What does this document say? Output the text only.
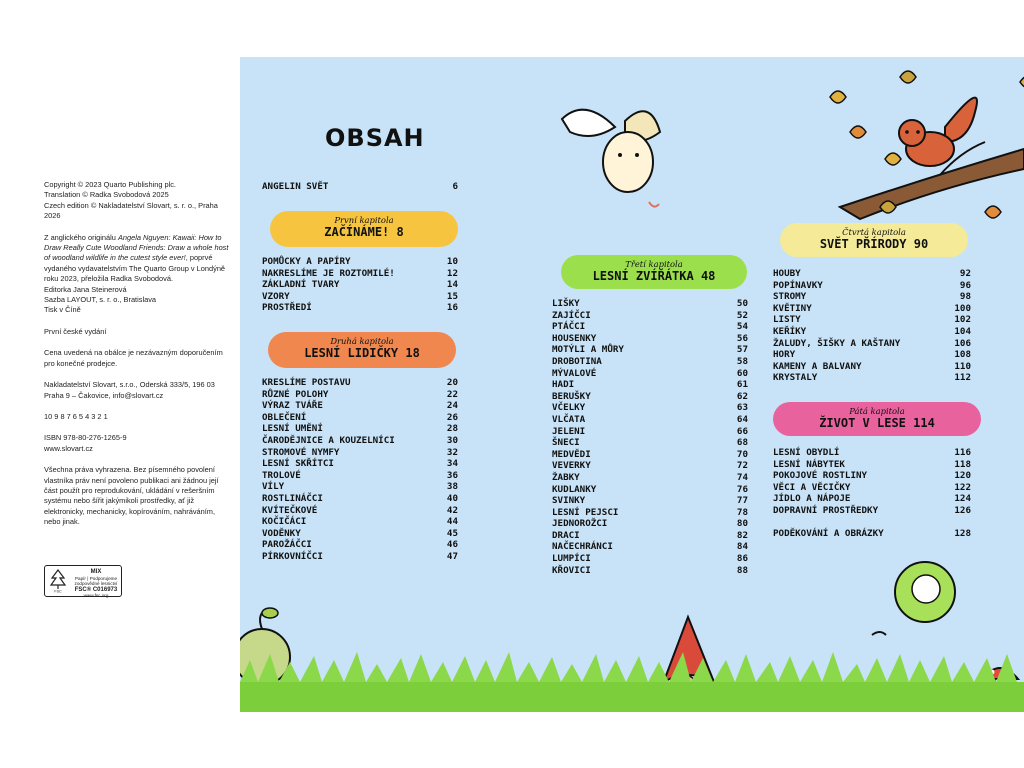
Copyright © 2023 Quarto Publishing plc.
Translation © Radka Svobodová 2025
Czech edition © Nakladatelství Slovart, s. r. o., Praha 2026

Z anglického originálu Angela Nguyen: Kawaii: How to Draw Really Cute Woodland Friends: Draw a whole host of woodland wildlife in the cutest style ever!, poprvé vydaného vydavatelstvím The Quarto Group v Londýně roku 2023, přeložila Radka Svobodová.
Editorka Jana Steinerová
Sazba LAYOUT, s. r. o., Bratislava
Tisk v Číně

První české vydání

Cena uvedená na obálce je nezávazným doporučením pro konečné prodejce.

Nakladatelství Slovart, s.r.o., Oderská 333/5, 196 03 Praha 9 – Čakovice, info@slovart.cz

10 9 8 7 6 5 4 3 2 1

ISBN 978-80-276-1265-9
www.slovart.cz

Všechna práva vyhrazena. Bez písemného povolení vlastníka práv není povoleno publikaci ani žádnou její část použít pro reprodukování, ukládání v rešeršním systému nebo šířit jakýmikoli prostředky, ať již elektronicky, mechanicky, kopírováním, nahráváním, nebo jinak.

FSC
MIX
Papír | Podporujeme zodpovědné lesnictví
FSC® C016973
www.fsc.org
OBSAH
ANGELIN SVĚT	6
První kapitola
ZAČÍNÁME! 8
POMŮCKY A PAPÍRY	10
NAKRESLÍME JE ROZTOMILÉ!	12
ZÁKLADNÍ TVARY	14
VZORY	15
PROSTŘEDÍ	16
Druhá kapitola
LESNÍ LIDIČKY 18
KRESLÍME POSTAVU	20
RŮZNÉ POLOHY	22
VÝRAZ TVÁŘE	24
OBLEČENÍ	26
LESNÍ UMĚNÍ	28
ČARODĚJNICE A KOUZELNÍCI	30
STROMOVÉ NYMFY	32
LESNÍ SKŘÍTCI	34
TROLOVÉ	36
VÍLY	38
ROSTLINÁČCI	40
KVÍTEČKOVÉ	42
KOČIČÁCI	44
VODĚNKY	45
PAROŽÁČCI	46
PÍRKOVNÍČCI	47
Třetí kapitola
LESNÍ ZVÍŘÁTKA 48
LIŠKY	50
ZAJÍČCI	52
PTÁČCI	54
HOUSENKY	56
MOTÝLI A MŮRY	57
DROBOTINA	58
MÝVALOVÉ	60
HADI	61
BERUŠKY	62
VČELKY	63
VLČATA	64
JELENI	66
ŠNECI	68
MEDVĚDI	70
VEVERKY	72
ŽABKY	74
KUDLANKY	76
SVINKY	77
LESNÍ PEJSCI	78
JEDNOROŽCI	80
DRACI	82
NAČECHRÁNCI	84
LUMPÍCI	86
KŘOVICI	88
Čtvrtá kapitola
SVĚT PŘÍRODY 90
HOUBY	92
POPÍNAVKY	96
STROMY	98
KVĚTINY	100
LISTY	102
KEŘÍKY	104
ŽALUDY, ŠIŠKY A KAŠTANY	106
HORY	108
KAMENY A BALVANY	110
KRYSTALY	112
Pátá kapitola
ŽIVOT V LESE 114
LESNÍ OBYDLÍ	116
LESNÍ NÁBYTEK	118
POKOJOVÉ ROSTLINY	120
VĚCI A VĚCIČKY	122
JÍDLO A NÁPOJE	124
DOPRAVNÍ PROSTŘEDKY	126
PODĚKOVÁNÍ A OBRÁZKY	128
